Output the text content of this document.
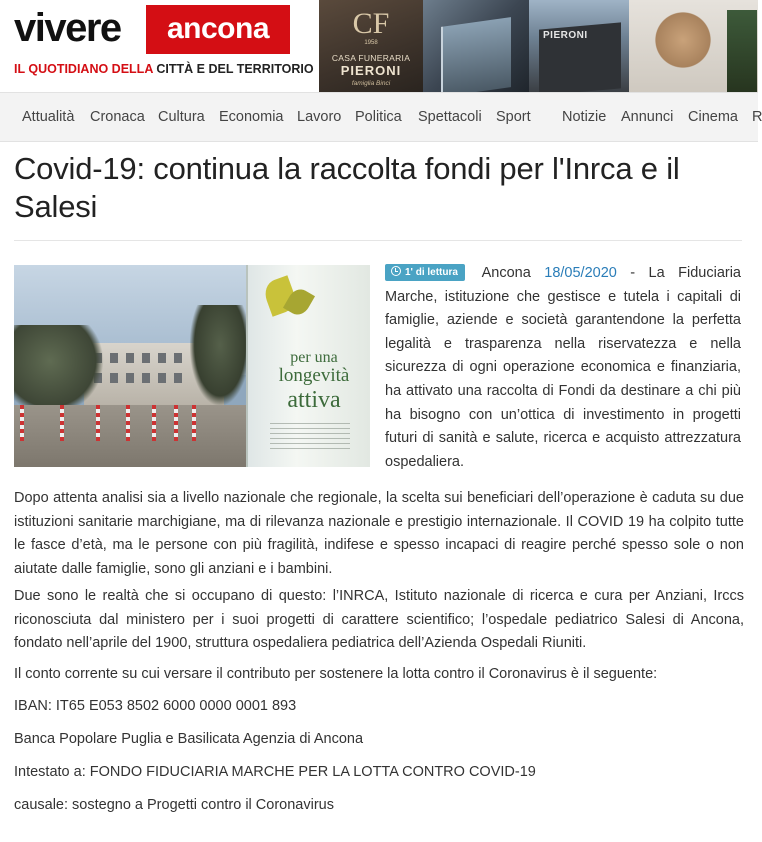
vivere	ancona
IL QUOTIDIANO DELLA CITTÀ E DEL TERRITORIO
CF
1958
CASA FUNERARIA
PIERONI
famiglia Binci
PIERONI
Attualità Cronaca Cultura Economia Lavoro Politica Spettacoli Sport Notizie Annunci Cinema R
Covid-19: continua la raccolta fondi per l'Inrca e il Salesi
per una
longevità
attiva
1' di lettura Ancona 18/05/2020 - La Fiduciaria Marche, istituzione che gestisce e tutela i capitali di famiglie, aziende e società garantendone la perfetta legalità e trasparenza nella riservatezza e nella sicurezza di ogni operazione economica e finanziaria, ha attivato una raccolta di Fondi da destinare a chi più ha bisogno con un’ottica di investimento in progetti futuri di sanità e salute, ricerca e acquisto attrezzatura ospedaliera.

Dopo attenta analisi sia a livello nazionale che regionale, la scelta sui beneficiari dell’operazione è caduta su due istituzioni sanitarie marchigiane, ma di rilevanza nazionale e prestigio internazionale. Il COVID 19 ha colpito tutte le fasce d’età, ma le persone con più fragilità, indifese e spesso incapaci di reagire perché spesso sole o non aiutate dalle famiglie, sono gli anziani e i bambini.

Due sono le realtà che si occupano di questo: l’INRCA, Istituto nazionale di ricerca e cura per Anziani, Irccs riconosciuta dal ministero per i suoi progetti di carattere scientifico; l’ospedale pediatrico Salesi di Ancona, fondato nell’aprile del 1900, struttura ospedaliera pediatrica dell’Azienda Ospedali Riuniti.

Il conto corrente su cui versare il contributo per sostenere la lotta contro il Coronavirus è il seguente:

IBAN: IT65 E053 8502 6000 0000 0001 893

Banca Popolare Puglia e Basilicata Agenzia di Ancona

Intestato a: FONDO FIDUCIARIA MARCHE PER LA LOTTA CONTRO COVID-19

causale: sostegno a Progetti contro il Coronavirus
